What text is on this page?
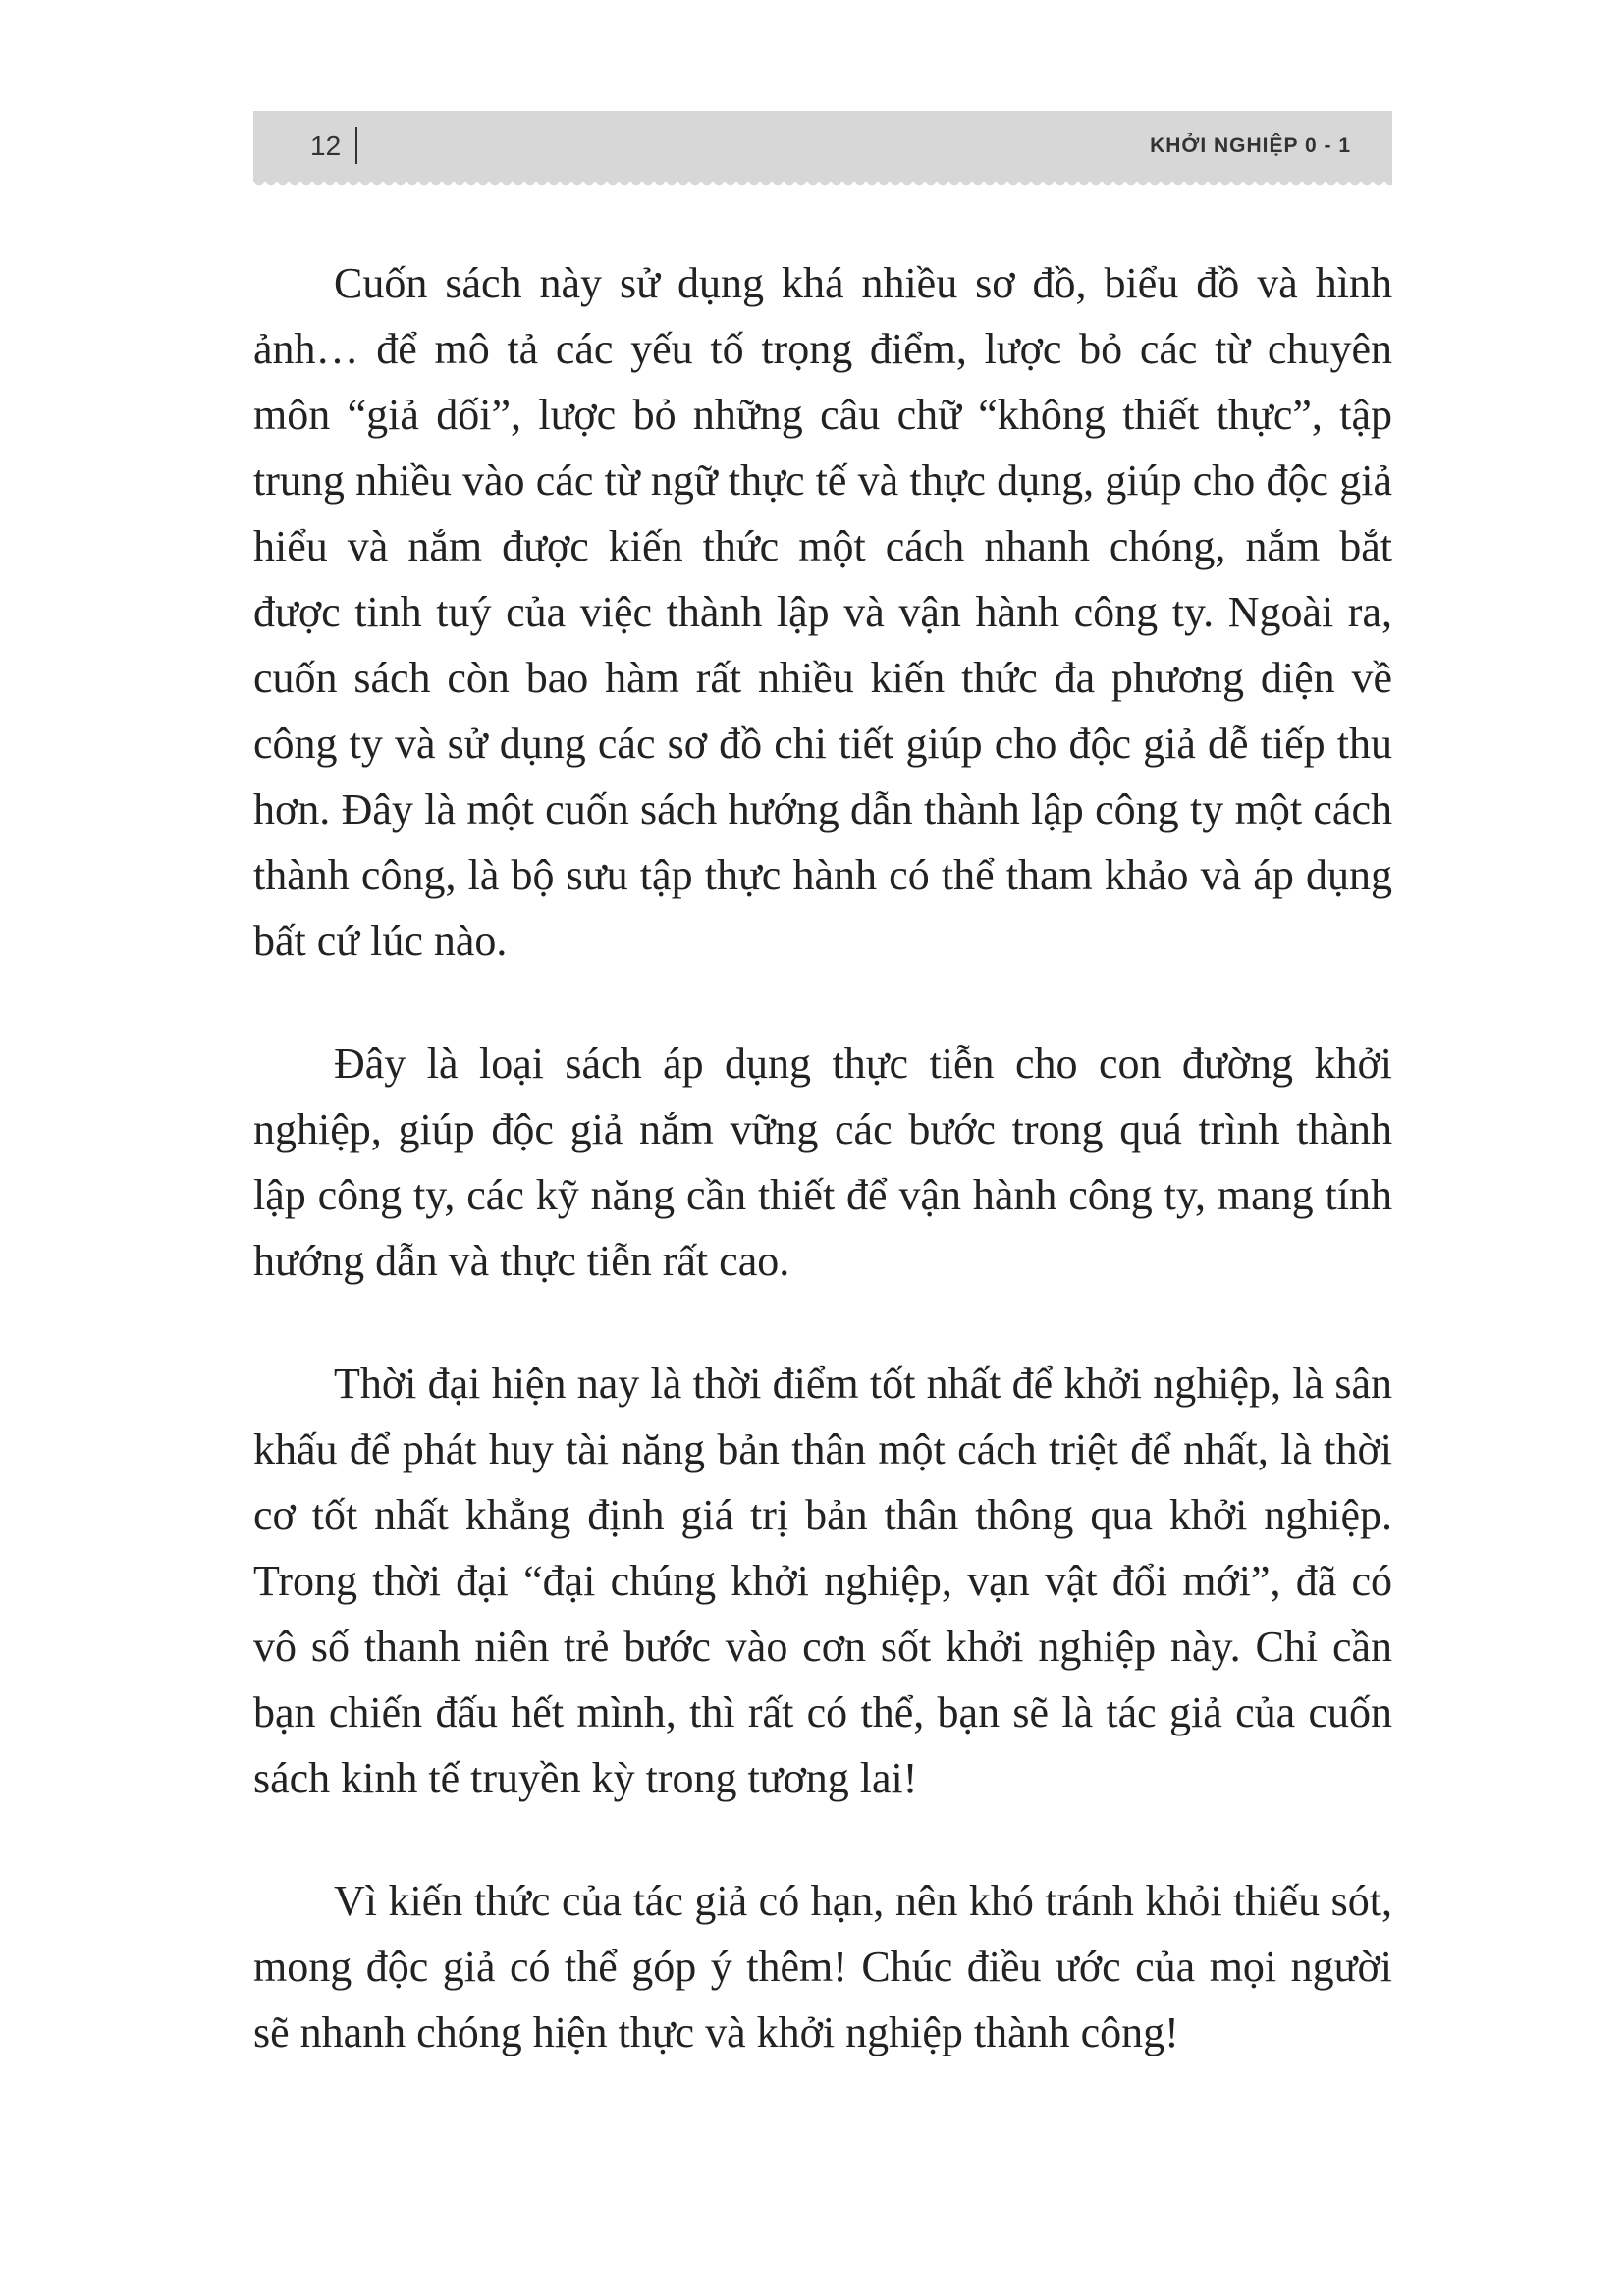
12	KHỞI NGHIỆP 0 - 1

Cuốn sách này sử dụng khá nhiều sơ đồ, biểu đồ và hình ảnh… để mô tả các yếu tố trọng điểm, lược bỏ các từ chuyên môn “giả dối”, lược bỏ những câu chữ “không thiết thực”, tập trung nhiều vào các từ ngữ thực tế và thực dụng, giúp cho độc giả hiểu và nắm được kiến thức một cách nhanh chóng, nắm bắt được tinh tuý của việc thành lập và vận hành công ty. Ngoài ra, cuốn sách còn bao hàm rất nhiều kiến thức đa phương diện về công ty và sử dụng các sơ đồ chi tiết giúp cho độc giả dễ tiếp thu hơn. Đây là một cuốn sách hướng dẫn thành lập công ty một cách thành công, là bộ sưu tập thực hành có thể tham khảo và áp dụng bất cứ lúc nào.

Đây là loại sách áp dụng thực tiễn cho con đường khởi nghiệp, giúp độc giả nắm vững các bước trong quá trình thành lập công ty, các kỹ năng cần thiết để vận hành công ty, mang tính hướng dẫn và thực tiễn rất cao.

Thời đại hiện nay là thời điểm tốt nhất để khởi nghiệp, là sân khấu để phát huy tài năng bản thân một cách triệt để nhất, là thời cơ tốt nhất khẳng định giá trị bản thân thông qua khởi nghiệp. Trong thời đại “đại chúng khởi nghiệp, vạn vật đổi mới”, đã có vô số thanh niên trẻ bước vào cơn sốt khởi nghiệp này. Chỉ cần bạn chiến đấu hết mình, thì rất có thể, bạn sẽ là tác giả của cuốn sách kinh tế truyền kỳ trong tương lai!

Vì kiến thức của tác giả có hạn, nên khó tránh khỏi thiếu sót, mong độc giả có thể góp ý thêm! Chúc điều ước của mọi người sẽ nhanh chóng hiện thực và khởi nghiệp thành công!
